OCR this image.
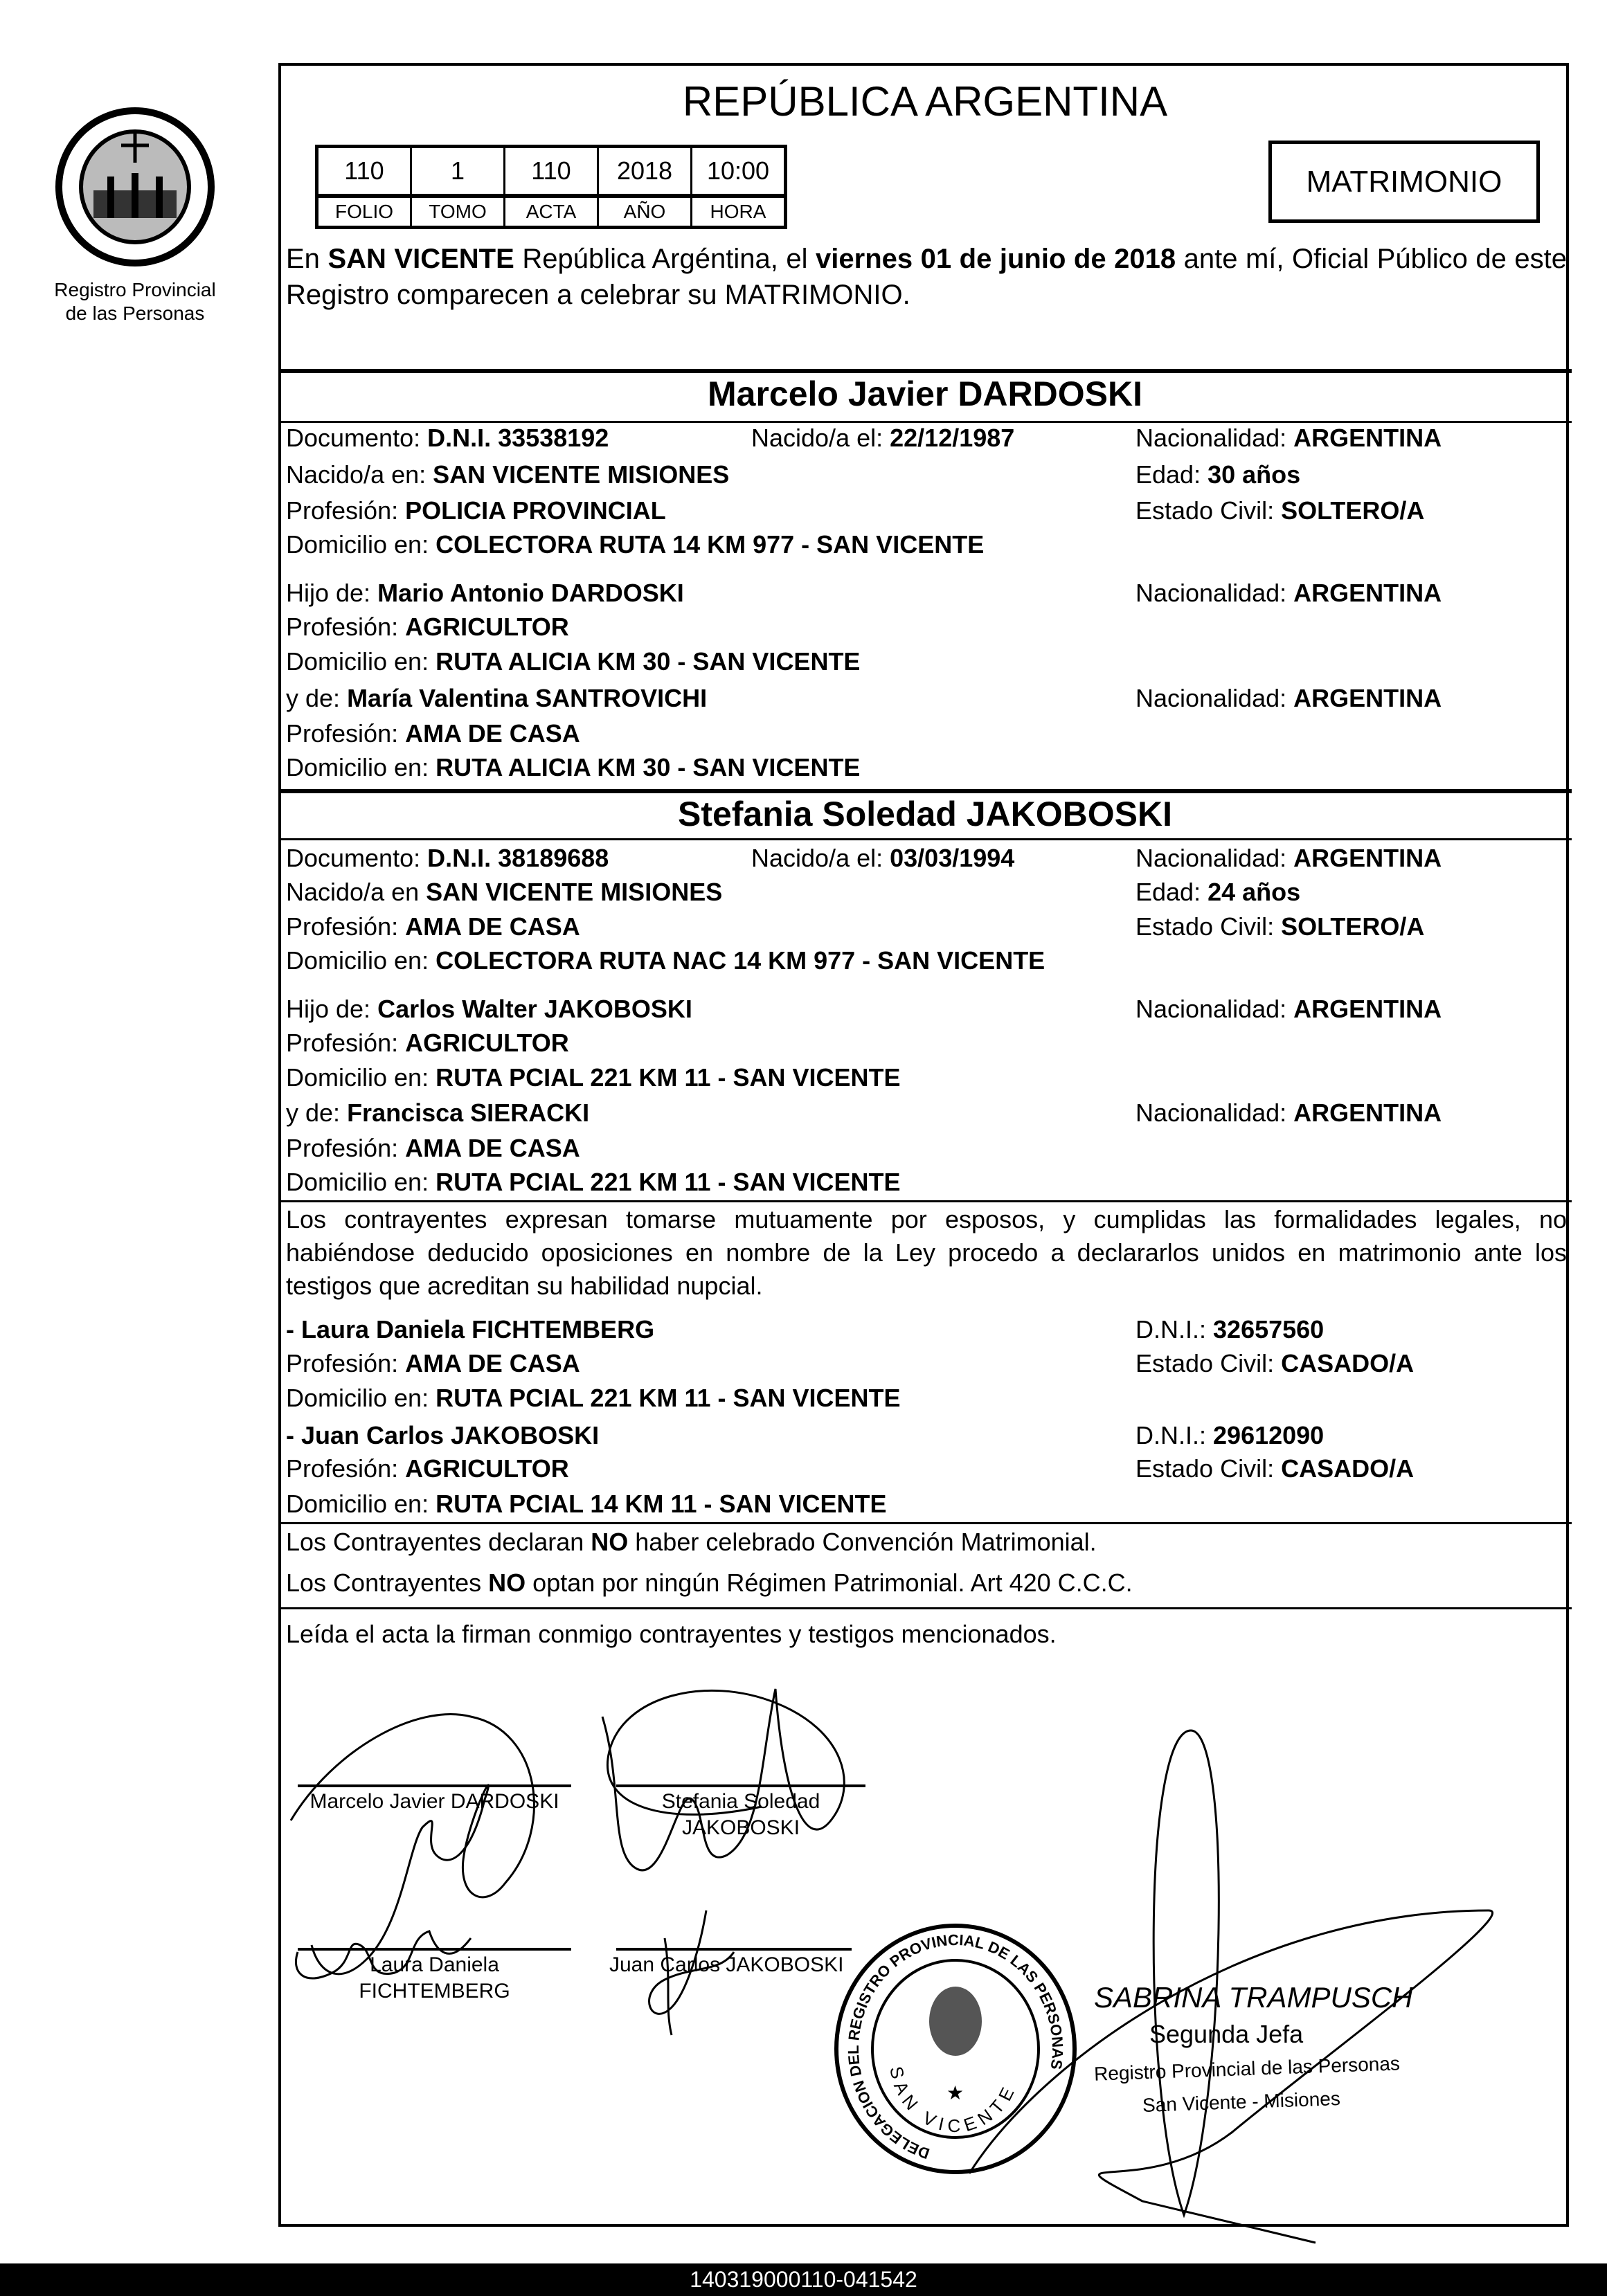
Registro Provincial
de las Personas
REPÚBLICA ARGENTINA
110	1	110	2018	10:00
FOLIO	TOMO	ACTA	AÑO	HORA
MATRIMONIO
En SAN VICENTE República Argéntina, el viernes 01 de junio de 2018 ante mí, Oficial Público de este Registro comparecen a celebrar su MATRIMONIO.
Marcelo Javier DARDOSKI
Documento: D.N.I. 33538192	Nacido/a el: 22/12/1987	Nacionalidad: ARGENTINA
Nacido/a en: SAN VICENTE MISIONES	Edad: 30 años
Profesión: POLICIA PROVINCIAL	Estado Civil: SOLTERO/A
Domicilio en: COLECTORA RUTA 14 KM 977 - SAN VICENTE
Hijo de: Mario Antonio DARDOSKI	Nacionalidad: ARGENTINA
Profesión: AGRICULTOR
Domicilio en: RUTA ALICIA KM 30 - SAN VICENTE
y de: María Valentina SANTROVICHI	Nacionalidad: ARGENTINA
Profesión: AMA DE CASA
Domicilio en: RUTA ALICIA KM 30 - SAN VICENTE
Stefania Soledad JAKOBOSKI
Documento: D.N.I. 38189688	Nacido/a el: 03/03/1994	Nacionalidad: ARGENTINA
Nacido/a en SAN VICENTE MISIONES	Edad: 24 años
Profesión: AMA DE CASA	Estado Civil: SOLTERO/A
Domicilio en: COLECTORA RUTA NAC 14 KM 977 - SAN VICENTE
Hijo de: Carlos Walter JAKOBOSKI	Nacionalidad: ARGENTINA
Profesión: AGRICULTOR
Domicilio en: RUTA PCIAL 221 KM 11 - SAN VICENTE
y de: Francisca SIERACKI	Nacionalidad: ARGENTINA
Profesión: AMA DE CASA
Domicilio en: RUTA PCIAL 221 KM 11 - SAN VICENTE
Los contrayentes expresan tomarse mutuamente por esposos, y cumplidas las formalidades legales, no habiéndose deducido oposiciones en nombre de la Ley procedo a declararlos unidos en matrimonio ante los testigos que acreditan su habilidad nupcial.
- Laura Daniela FICHTEMBERG	D.N.I.: 32657560
Profesión: AMA DE CASA	Estado Civil: CASADO/A
Domicilio en: RUTA PCIAL 221 KM 11 - SAN VICENTE
- Juan Carlos JAKOBOSKI	D.N.I.: 29612090
Profesión: AGRICULTOR	Estado Civil: CASADO/A
Domicilio en: RUTA PCIAL 14 KM 11 - SAN VICENTE
Los Contrayentes declaran NO haber celebrado Convención Matrimonial.
Los Contrayentes NO optan por ningún Régimen Patrimonial. Art 420 C.C.C.
Leída el acta la firman conmigo contrayentes y testigos mencionados.
Marcelo Javier DARDOSKI	Stefania Soledad
JAKOBOSKI
Laura Daniela
FICHTEMBERG
Juan Carlos JAKOBOSKI
DELEGACION DEL REGISTRO PROVINCIAL DE LAS PERSONAS
SAN VICENTE
★
SABRINA TRAMPUSCH
Segunda Jefa
Registro Provincial de las Personas
San Vicente - Misiones
140319000110-041542
